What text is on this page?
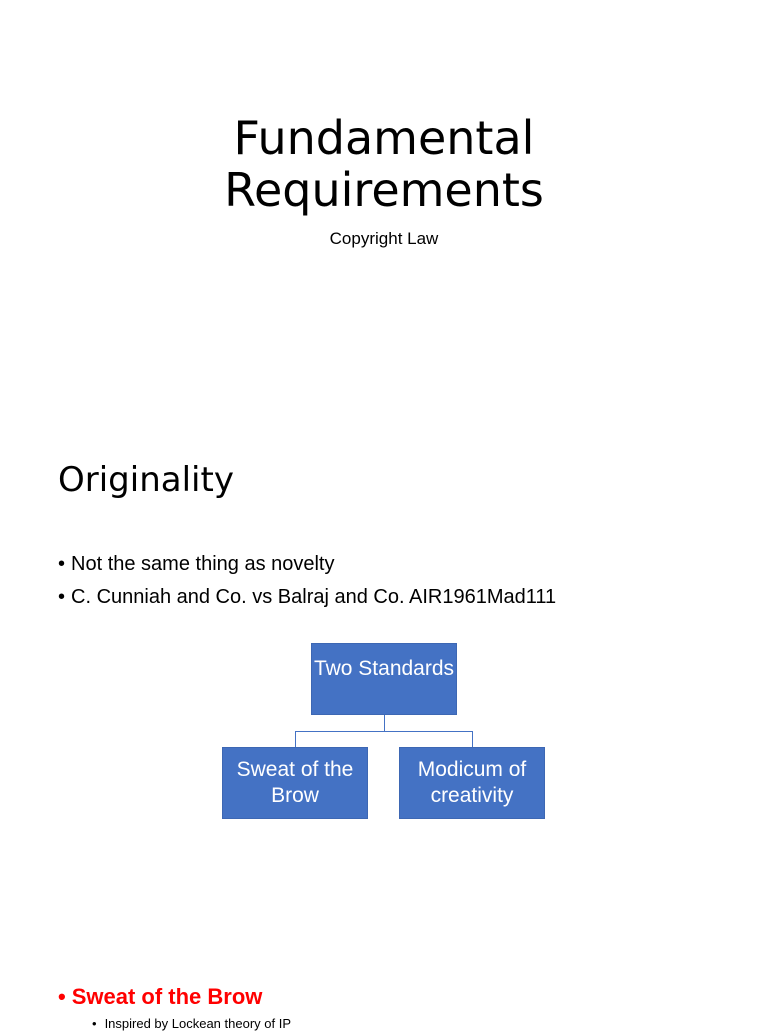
Fundamental
Requirements
Copyright Law
Originality
• Not the same thing as novelty
• C. Cunniah and Co. vs Balraj and Co. AIR1961Mad111
Two Standards
Sweat of the
Brow
Modicum of
creativity
• Sweat of the Brow
• Inspired by Lockean theory of IP
